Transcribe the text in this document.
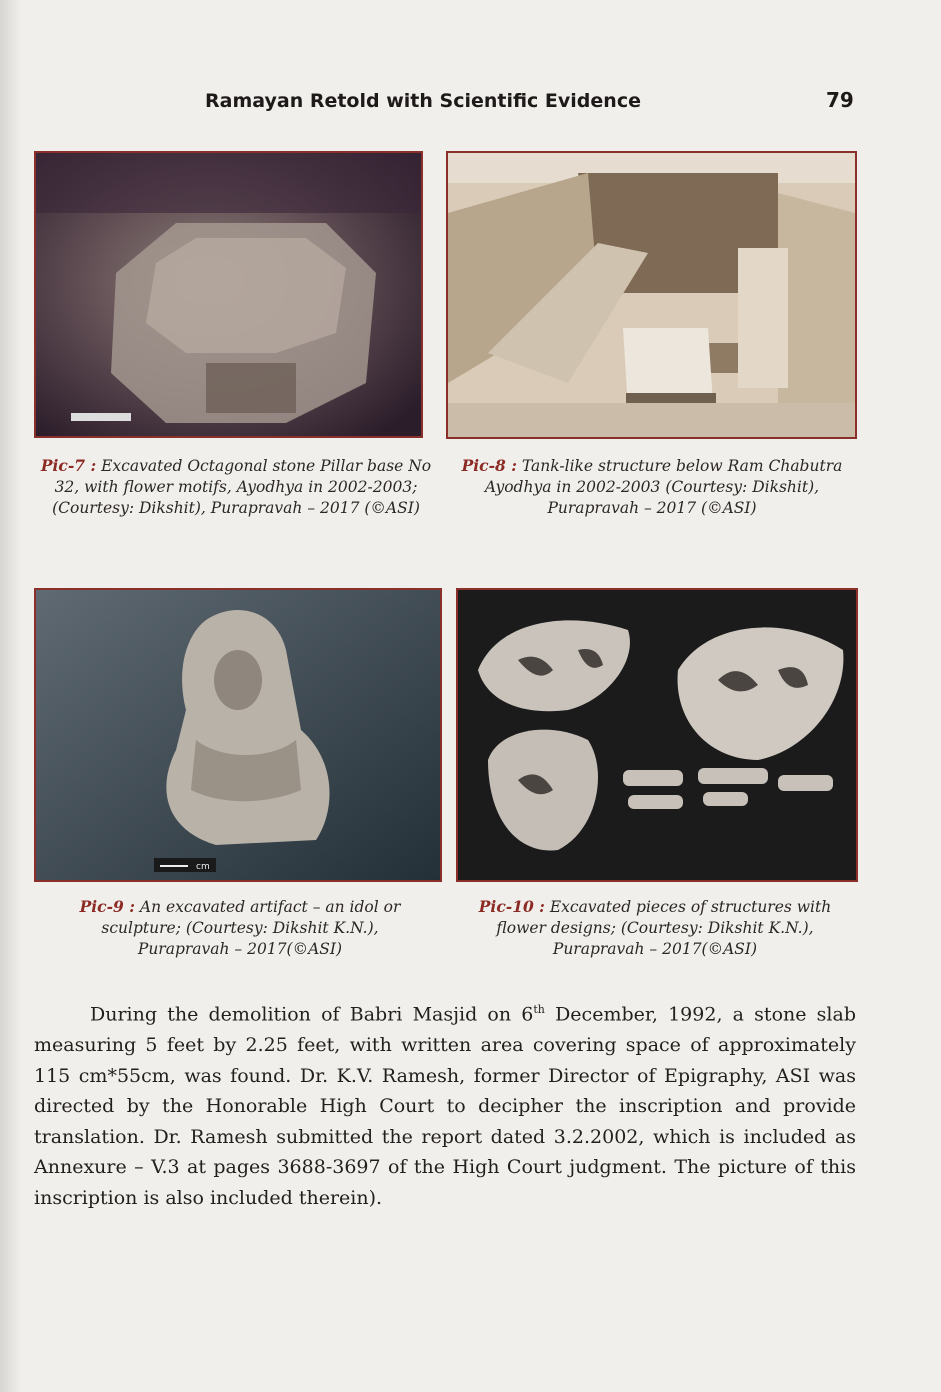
Ramayan Retold with Scientific Evidence	79
Pic-7 : Excavated Octagonal stone Pillar base No 32, with flower motifs, Ayodhya in 2002-2003; (Courtesy: Dikshit), Purapravah – 2017 (©ASI)
Pic-8 : Tank-like structure below Ram Chabutra Ayodhya in 2002-2003 (Courtesy: Dikshit), Purapravah – 2017 (©ASI)
cm
Pic-9 : An excavated artifact – an idol or sculpture; (Courtesy: Dikshit K.N.), Purapravah – 2017(©ASI)
Pic-10 : Excavated pieces of structures with flower designs; (Courtesy: Dikshit K.N.), Purapravah – 2017(©ASI)

During the demolition of Babri Masjid on 6th December, 1992, a stone slab measuring 5 feet by 2.25 feet, with written area covering space of approximately 115 cm*55cm, was found. Dr. K.V. Ramesh, former Director of Epigraphy, ASI was directed by the Honorable High Court to decipher the inscription and provide translation. Dr. Ramesh submitted the report dated 3.2.2002, which is included as Annexure – V.3 at pages 3688-3697 of the High Court judgment. The picture of this inscription is also included therein).
